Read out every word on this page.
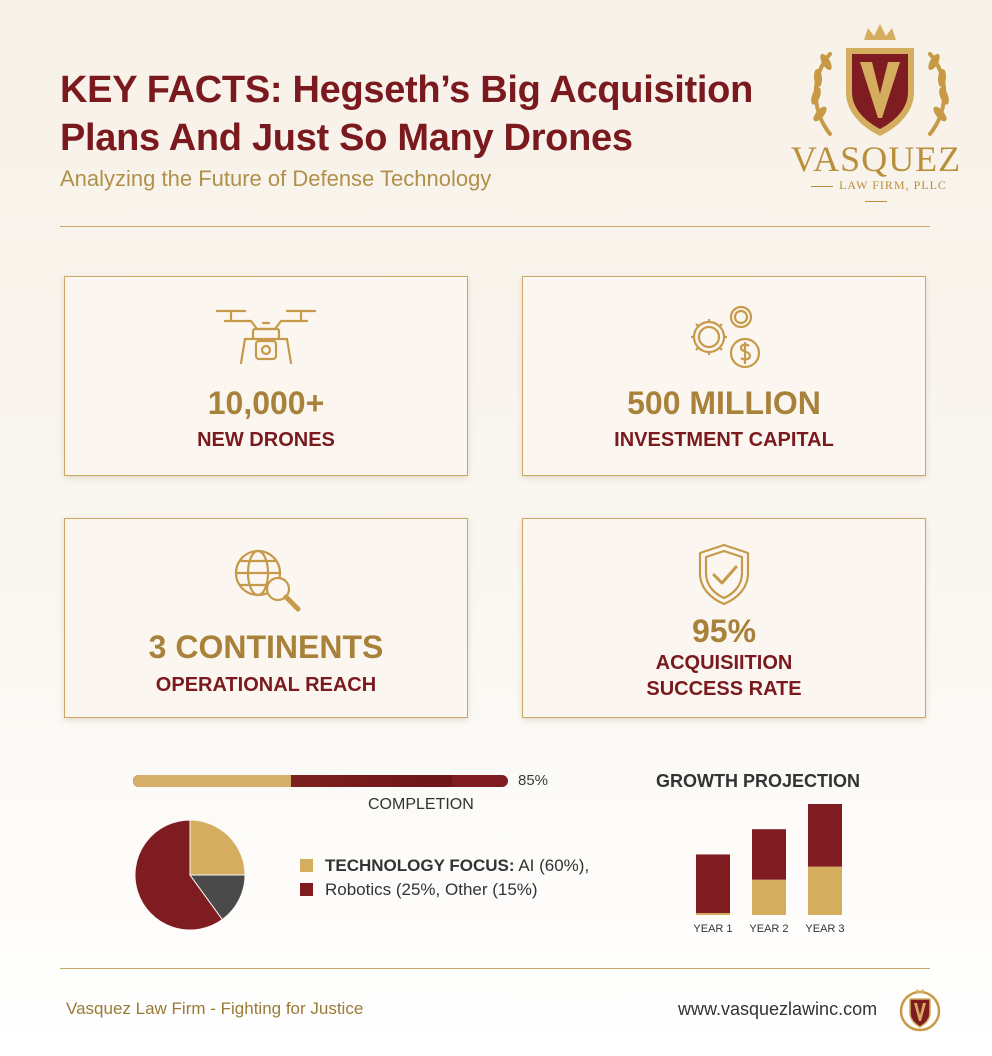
KEY FACTS: Hegseth’s Big Acquisition Plans And Just So Many Drones
Analyzing the Future of Defense Technology	VASQUEZ
LAW FIRM, PLLC
10,000+
NEW DRONES
500 MILLION
INVESTMENT CAPITAL
3 CONTINENTS
OPERATIONAL REACH
95%
ACQUISIITION
SUCCESS RATE
85%
COMPLETION
TECHNOLOGY FOCUS: AI (60%),
Robotics (25%, Other (15%)
GROWTH PROJECTION
YEAR 1 YEAR 2 YEAR 3
Vasquez Law Firm - Fighting for Justice	www.vasquezlawinc.com
